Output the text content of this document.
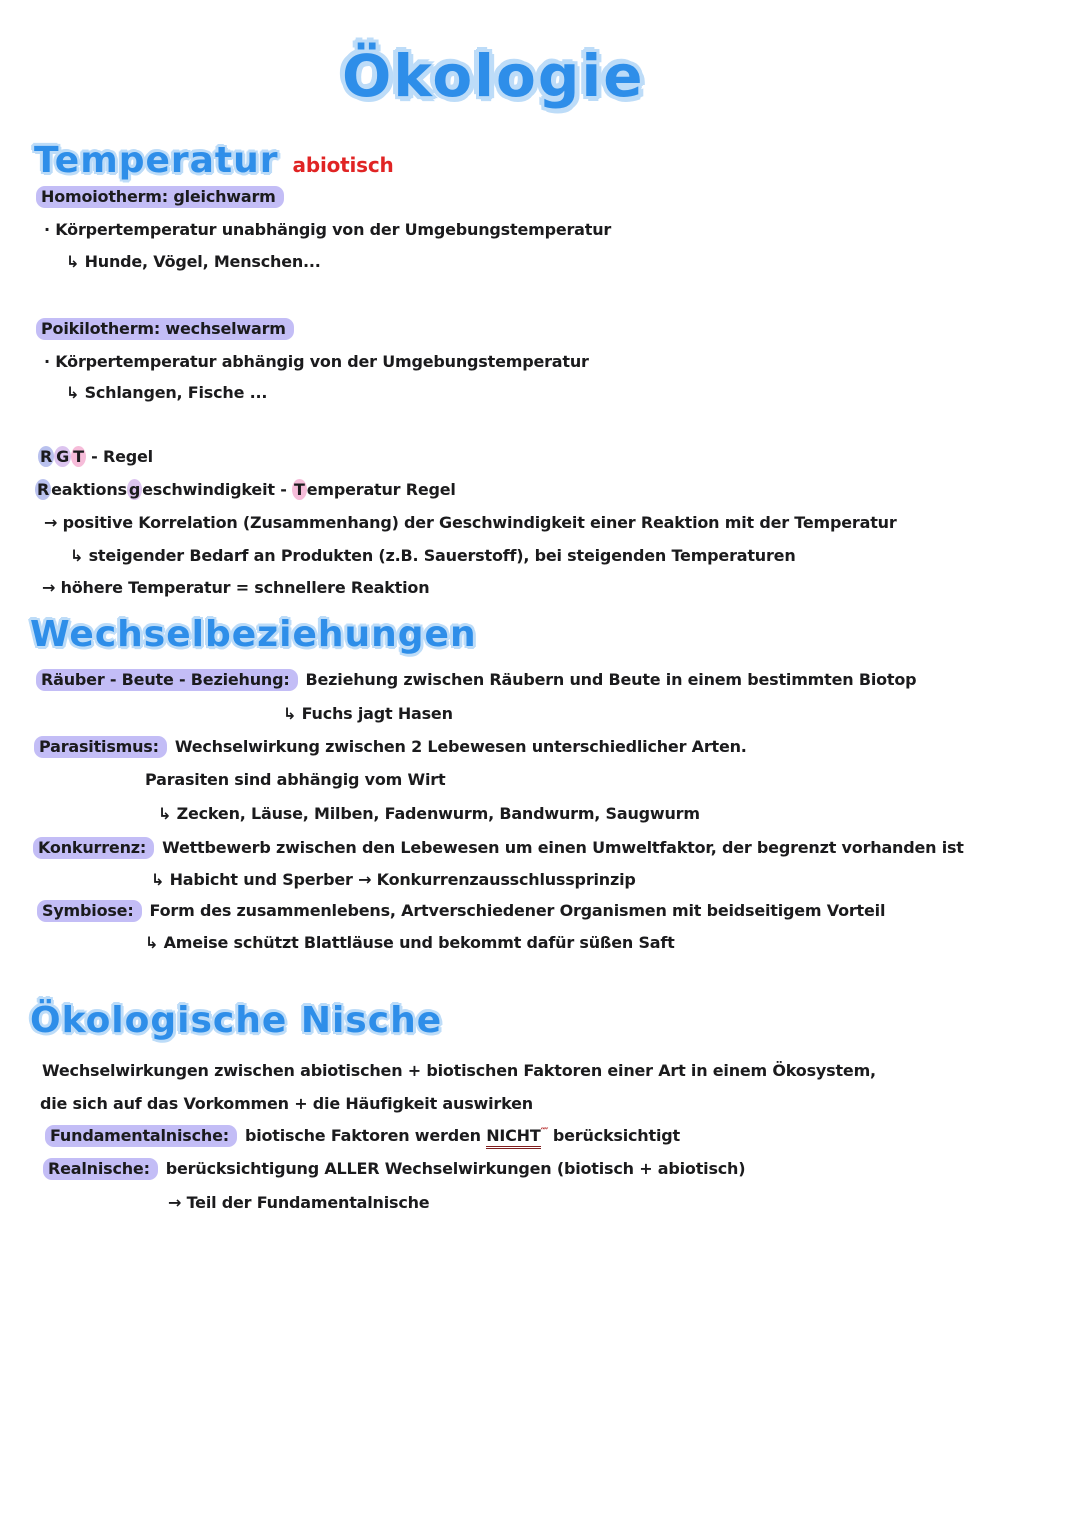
Ökologie
Temperatur abiotisch
Homoiotherm: gleichwarm
· Körpertemperatur unabhängig von der Umgebungstemperatur
↳ Hunde, Vögel, Menschen...
Poikilotherm: wechselwarm
· Körpertemperatur abhängig von der Umgebungstemperatur
↳ Schlangen, Fische ...
R G T - Regel
R eaktions g eschwindigkeit - T emperatur Regel
→ positive Korrelation (Zusammenhang) der Geschwindigkeit einer Reaktion mit der Temperatur
↳ steigender Bedarf an Produkten (z.B. Sauerstoff), bei steigenden Temperaturen
→ höhere Temperatur = schnellere Reaktion
Wechselbeziehungen
Räuber - Beute - Beziehung: Beziehung zwischen Räubern und Beute in einem bestimmten Biotop
↳ Fuchs jagt Hasen
Parasitismus: Wechselwirkung zwischen 2 Lebewesen unterschiedlicher Arten.
Parasiten sind abhängig vom Wirt
↳ Zecken, Läuse, Milben, Fadenwurm, Bandwurm, Saugwurm
Konkurrenz: Wettbewerb zwischen den Lebewesen um einen Umweltfaktor, der begrenzt vorhanden ist
↳ Habicht und Sperber → Konkurrenzausschlussprinzip
Symbiose: Form des zusammenlebens, Artverschiedener Organismen mit beidseitigem Vorteil
↳ Ameise schützt Blattläuse und bekommt dafür süßen Saft
Ökologische Nische
Wechselwirkungen zwischen abiotischen + biotischen Faktoren einer Art in einem Ökosystem,
die sich auf das Vorkommen + die Häufigkeit auswirken
Fundamentalnische: biotische Faktoren werden NICHT″″ berücksichtigt
Realnische: berücksichtigung ALLER Wechselwirkungen (biotisch + abiotisch)
→ Teil der Fundamentalnische
